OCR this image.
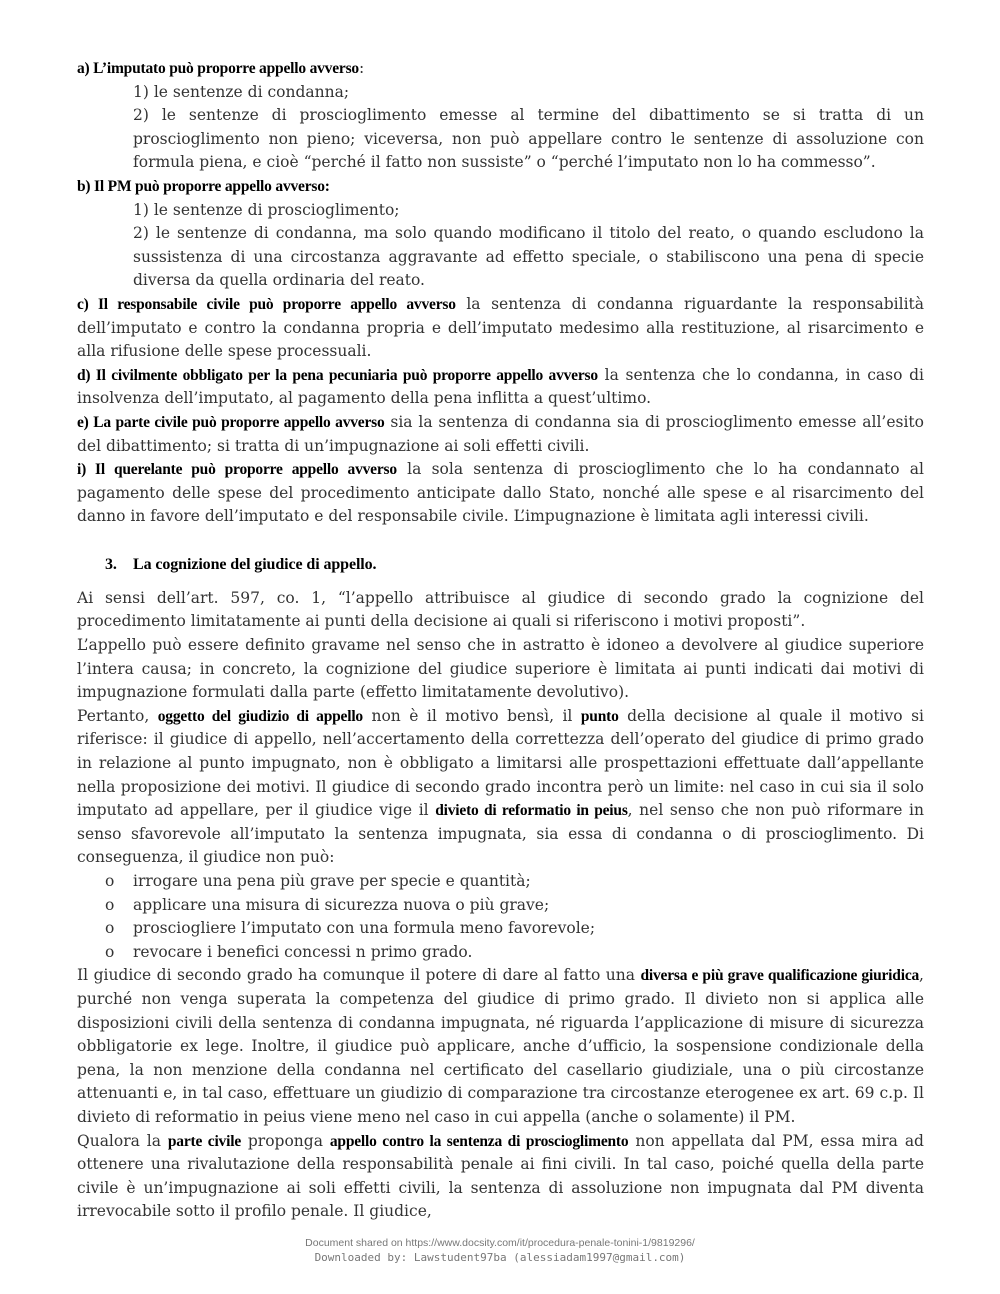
a) L’imputato può proporre appello avverso:

1) le sentenze di condanna;

2) le sentenze di proscioglimento emesse al termine del dibattimento se si tratta di un proscioglimento non pieno; viceversa, non può appellare contro le sentenze di assoluzione con formula piena, e cioè “perché il fatto non sussiste” o “perché l’imputato non lo ha commesso”.

b) Il PM può proporre appello avverso:

1) le sentenze di proscioglimento;

2) le sentenze di condanna, ma solo quando modificano il titolo del reato, o quando escludono la sussistenza di una circostanza aggravante ad effetto speciale, o stabiliscono una pena di specie diversa da quella ordinaria del reato.

c) Il responsabile civile può proporre appello avverso la sentenza di condanna riguardante la responsabilità dell’imputato e contro la condanna propria e dell’imputato medesimo alla restituzione, al risarcimento e alla rifusione delle spese processuali.

d) Il civilmente obbligato per la pena pecuniaria può proporre appello avverso la sentenza che lo condanna, in caso di insolvenza dell’imputato, al pagamento della pena inflitta a quest’ultimo.

e) La parte civile può proporre appello avverso sia la sentenza di condanna sia di proscioglimento emesse all’esito del dibattimento; si tratta di un’impugnazione ai soli effetti civili.

i) Il querelante può proporre appello avverso la sola sentenza di proscioglimento che lo ha condannato al pagamento delle spese del procedimento anticipate dallo Stato, nonché alle spese e al risarcimento del danno in favore dell’imputato e del responsabile civile. L’impugnazione è limitata agli interessi civili.

3. La cognizione del giudice di appello.

Ai sensi dell’art. 597, co. 1, “l’appello attribuisce al giudice di secondo grado la cognizione del procedimento limitatamente ai punti della decisione ai quali si riferiscono i motivi proposti”.

L’appello può essere definito gravame nel senso che in astratto è idoneo a devolvere al giudice superiore l’intera causa; in concreto, la cognizione del giudice superiore è limitata ai punti indicati dai motivi di impugnazione formulati dalla parte (effetto limitatamente devolutivo).

Pertanto, oggetto del giudizio di appello non è il motivo bensì, il punto della decisione al quale il motivo si riferisce: il giudice di appello, nell’accertamento della correttezza dell’operato del giudice di primo grado in relazione al punto impugnato, non è obbligato a limitarsi alle prospettazioni effettuate dall’appellante nella proposizione dei motivi. Il giudice di secondo grado incontra però un limite: nel caso in cui sia il solo imputato ad appellare, per il giudice vige il divieto di reformatio in peius, nel senso che non può riformare in senso sfavorevole all’imputato la sentenza impugnata, sia essa di condanna o di proscioglimento. Di conseguenza, il giudice non può:

o irrogare una pena più grave per specie e quantità;
o applicare una misura di sicurezza nuova o più grave;
o prosciogliere l’imputato con una formula meno favorevole;
o revocare i benefici concessi n primo grado.

Il giudice di secondo grado ha comunque il potere di dare al fatto una diversa e più grave qualificazione giuridica, purché non venga superata la competenza del giudice di primo grado. Il divieto non si applica alle disposizioni civili della sentenza di condanna impugnata, né riguarda l’applicazione di misure di sicurezza obbligatorie ex lege. Inoltre, il giudice può applicare, anche d’ufficio, la sospensione condizionale della pena, la non menzione della condanna nel certificato del casellario giudiziale, una o più circostanze attenuanti e, in tal caso, effettuare un giudizio di comparazione tra circostanze eterogenee ex art. 69 c.p. Il divieto di reformatio in peius viene meno nel caso in cui appella (anche o solamente) il PM.

Qualora la parte civile proponga appello contro la sentenza di proscioglimento non appellata dal PM, essa mira ad ottenere una rivalutazione della responsabilità penale ai fini civili. In tal caso, poiché quella della parte civile è un’impugnazione ai soli effetti civili, la sentenza di assoluzione non impugnata dal PM diventa irrevocabile sotto il profilo penale. Il giudice,

Document shared on https://www.docsity.com/it/procedura-penale-tonini-1/9819296/
Downloaded by: Lawstudent97ba (alessiadam1997@gmail.com)
